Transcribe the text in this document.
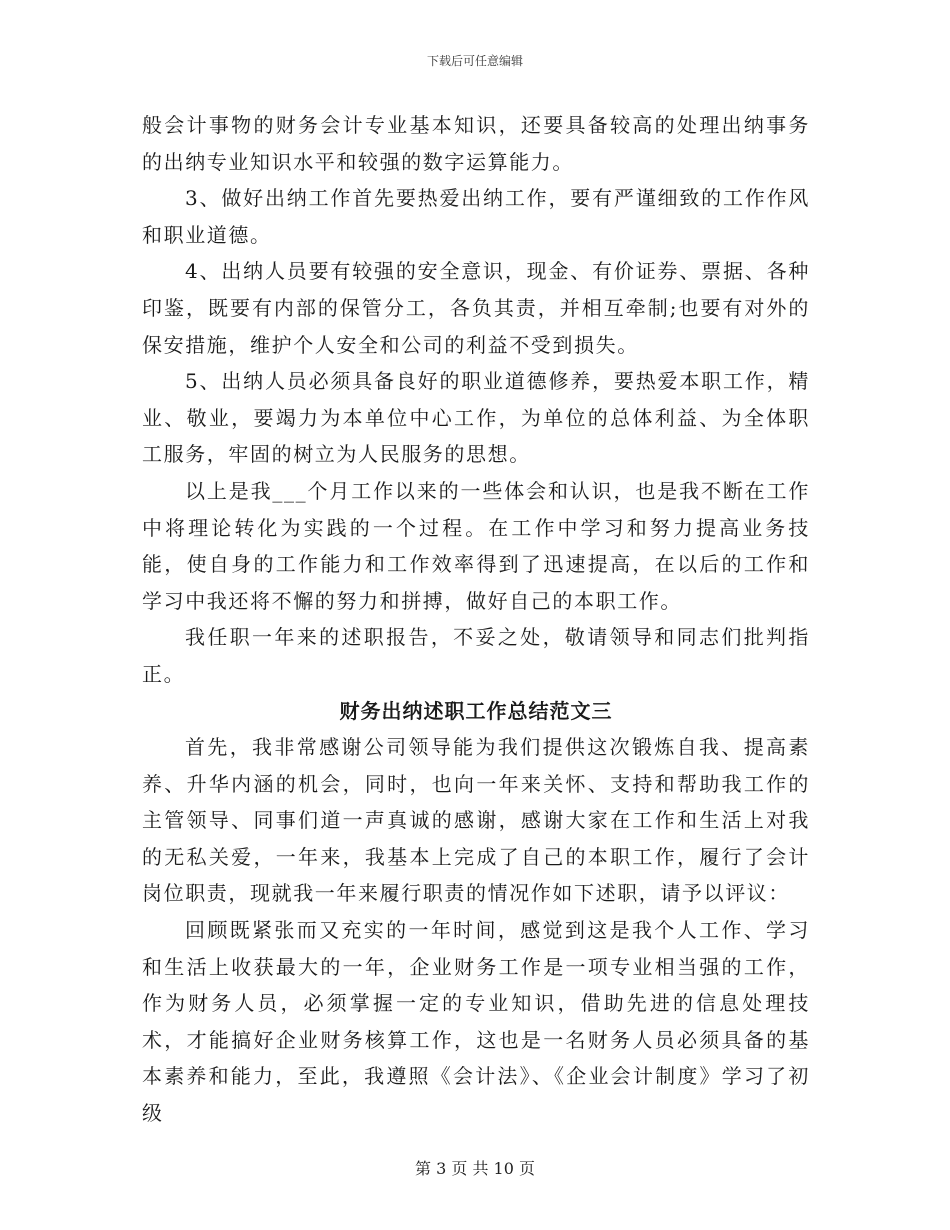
下载后可任意编辑

般会计事物的财务会计专业基本知识，还要具备较高的处理出纳事务的出纳专业知识水平和较强的数字运算能力。

3、做好出纳工作首先要热爱出纳工作，要有严谨细致的工作作风和职业道德。

4、出纳人员要有较强的安全意识，现金、有价证券、票据、各种印鉴，既要有内部的保管分工，各负其责，并相互牵制;也要有对外的保安措施，维护个人安全和公司的利益不受到损失。

5、出纳人员必须具备良好的职业道德修养，要热爱本职工作，精业、敬业，要竭力为本单位中心工作，为单位的总体利益、为全体职工服务，牢固的树立为人民服务的思想。

以上是我___个月工作以来的一些体会和认识，也是我不断在工作中将理论转化为实践的一个过程。在工作中学习和努力提高业务技能，使自身的工作能力和工作效率得到了迅速提高，在以后的工作和学习中我还将不懈的努力和拼搏，做好自己的本职工作。

我任职一年来的述职报告，不妥之处，敬请领导和同志们批判指正。

财务出纳述职工作总结范文三

首先，我非常感谢公司领导能为我们提供这次锻炼自我、提高素养、升华内涵的机会，同时，也向一年来关怀、支持和帮助我工作的主管领导、同事们道一声真诚的感谢，感谢大家在工作和生活上对我的无私关爱，一年来，我基本上完成了自己的本职工作，履行了会计岗位职责，现就我一年来履行职责的情况作如下述职，请予以评议：

回顾既紧张而又充实的一年时间，感觉到这是我个人工作、学习和生活上收获最大的一年，企业财务工作是一项专业相当强的工作，作为财务人员，必须掌握一定的专业知识，借助先进的信息处理技术，才能搞好企业财务核算工作，这也是一名财务人员必须具备的基本素养和能力，至此，我遵照《会计法》、《企业会计制度》学习了初级

第 3 页 共 10 页
